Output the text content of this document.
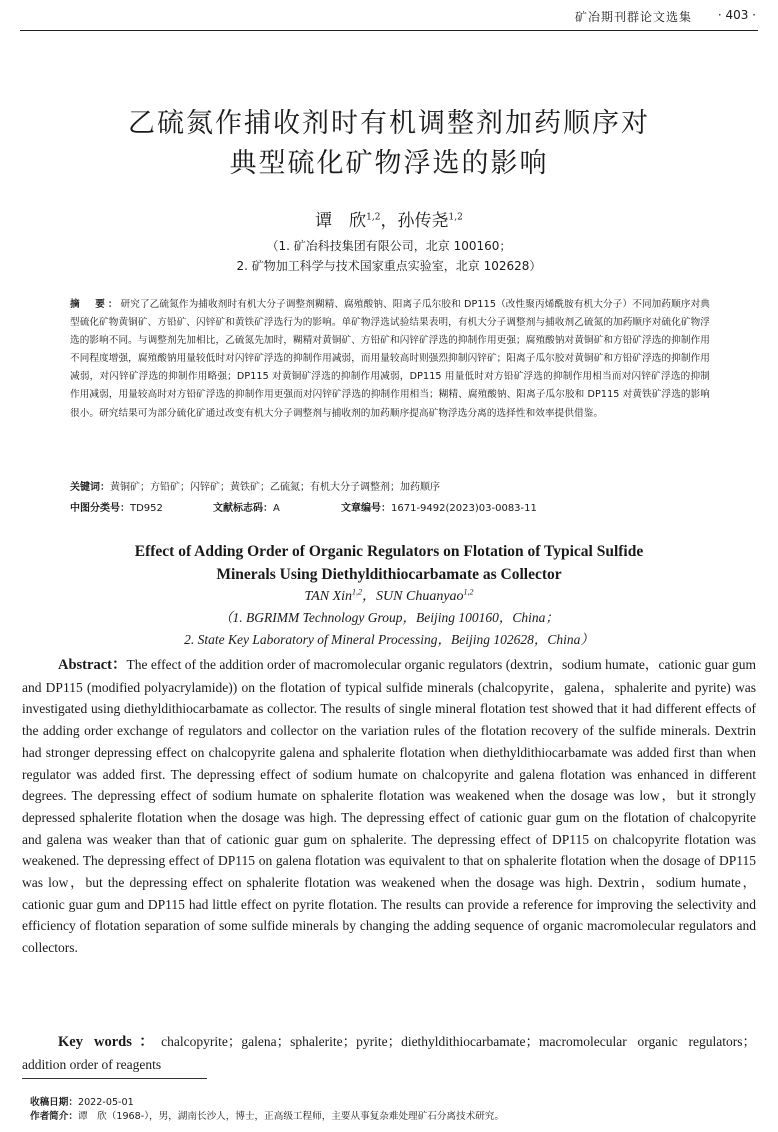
矿冶期刊群论文选集 · 403 ·
乙硫氮作捕收剂时有机调整剂加药顺序对
典型硫化矿物浮选的影响
谭　欣$^{1,2}$，孙传尧$^{1,2}$
（1. 矿冶科技集团有限公司，北京 100160；
2. 矿物加工科学与技术国家重点实验室，北京 102628）
摘　要：研究了乙硫氮作为捕收剂时有机大分子调整剂糊精、腐殖酸钠、阳离子瓜尔胶和 DP115（改性聚丙烯酰胺有机大分子）不同加药顺序对典型硫化矿物黄铜矿、方铅矿、闪锌矿和黄铁矿浮选行为的影响。单矿物浮选试验结果表明，有机大分子调整剂与捕收剂乙硫氮的加药顺序对硫化矿物浮选的影响不同。与调整剂先加相比，乙硫氮先加时，糊精对黄铜矿、方铅矿和闪锌矿浮选的抑制作用更强；腐殖酸钠对黄铜矿和方铅矿浮选的抑制作用不同程度增强，腐殖酸钠用量较低时对闪锌矿浮选的抑制作用减弱，而用量较高时则强烈抑制闪锌矿；阳离子瓜尔胶对黄铜矿和方铅矿浮选的抑制作用减弱，对闪锌矿浮选的抑制作用略强；DP115 对黄铜矿浮选的抑制作用减弱，DP115 用量低时对方铅矿浮选的抑制作用相当而对闪锌矿浮选的抑制作用减弱，用量较高时对方铅矿浮选的抑制作用更强而对闪锌矿浮选的抑制作用相当；糊精、腐殖酸钠、阳离子瓜尔胶和 DP115 对黄铁矿浮选的影响很小。研究结果可为部分硫化矿通过改变有机大分子调整剂与捕收剂的加药顺序提高矿物浮选分离的选择性和效率提供借鉴。
关键词：黄铜矿；方铅矿；闪锌矿；黄铁矿；乙硫氮；有机大分子调整剂；加药顺序
中图分类号：TD952	文献标志码：A	文章编号：1671-9492(2023)03-0083-11
Effect of Adding Order of Organic Regulators on Flotation of Typical Sulfide
Minerals Using Diethyldithiocarbamate as Collector
TAN Xin$^{1,2}$，SUN Chuanyao$^{1,2}$
（1. BGRIMM Technology Group，Beijing 100160，China；
2. State Key Laboratory of Mineral Processing，Beijing 102628，China）
Abstract：The effect of the addition order of macromolecular organic regulators (dextrin，sodium humate，cationic guar gum and DP115 (modified polyacrylamide)) on the flotation of typical sulfide minerals (chalcopyrite，galena，sphalerite and pyrite) was investigated using diethyldithiocarbamate as collector. The results of single mineral flotation test showed that it had different effects of the adding order exchange of regulators and collector on the variation rules of the flotation recovery of the sulfide minerals. Dextrin had stronger depressing effect on chalcopyrite galena and sphalerite flotation when diethyldithiocarbamate was added first than when regulator was added first. The depressing effect of sodium humate on chalcopyrite and galena flotation was enhanced in different degrees. The depressing effect of sodium humate on sphalerite flotation was weakened when the dosage was low，but it strongly depressed sphalerite flotation when the dosage was high. The depressing effect of cationic guar gum on the flotation of chalcopyrite and galena was weaker than that of cationic guar gum on sphalerite. The depressing effect of DP115 on chalcopyrite flotation was weakened. The depressing effect of DP115 on galena flotation was equivalent to that on sphalerite flotation when the dosage of DP115 was low，but the depressing effect on sphalerite flotation was weakened when the dosage was high. Dextrin，sodium humate，cationic guar gum and DP115 had little effect on pyrite flotation. The results can provide a reference for improving the selectivity and efficiency of flotation separation of some sulfide minerals by changing the adding sequence of organic macromolecular regulators and collectors.
Key words：chalcopyrite；galena；sphalerite；pyrite；diethyldithiocarbamate；macromolecular organic regulators；addition order of reagents
收稿日期：2022-05-01
作者简介：谭　欣（1968-），男，湖南长沙人，博士，正高级工程师，主要从事复杂难处理矿石分离技术研究。
